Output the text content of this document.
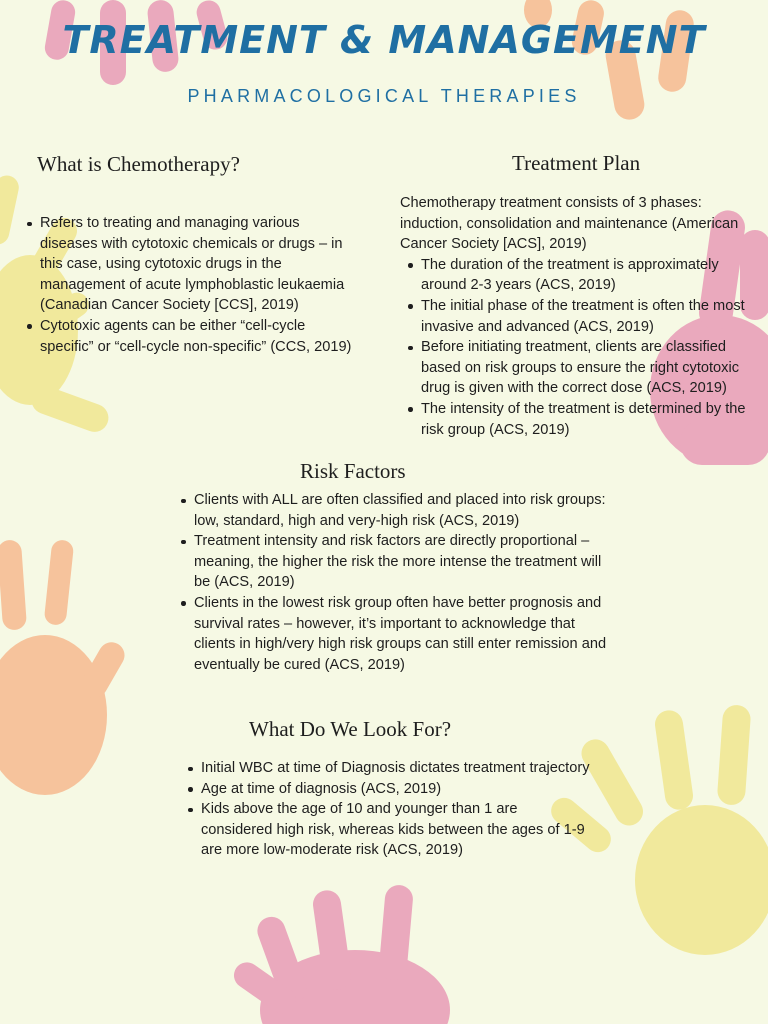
TREATMENT & MANAGEMENT
PHARMACOLOGICAL THERAPIES
What is Chemotherapy?
Refers to treating and managing various diseases with cytotoxic chemicals or drugs – in this case, using cytotoxic drugs in the management of acute lymphoblastic leukaemia (Canadian Cancer Society [CCS], 2019)
Cytotoxic agents can be either “cell-cycle specific” or “cell-cycle non-specific” (CCS, 2019)
Treatment Plan

Chemotherapy treatment consists of 3 phases: induction, consolidation and maintenance (American Cancer Society [ACS], 2019)

The duration of the treatment is approximately around 2-3 years (ACS, 2019)
The initial phase of the treatment is often the most invasive and advanced (ACS, 2019)
Before initiating treatment, clients are classified based on risk groups to ensure the right cytotoxic drug is given with the correct dose (ACS, 2019)
The intensity of the treatment is determined by the risk group (ACS, 2019)
Risk Factors
Clients with ALL are often classified and placed into risk groups: low, standard, high and very-high risk (ACS, 2019)
Treatment intensity and risk factors are directly proportional – meaning, the higher the risk the more intense the treatment will be (ACS, 2019)
Clients in the lowest risk group often have better prognosis and survival rates – however, it’s important to acknowledge that clients in high/very high risk groups can still enter remission and eventually be cured (ACS, 2019)
What Do We Look For?
Initial WBC at time of Diagnosis dictates treatment trajectory
Age at time of diagnosis (ACS, 2019)
Kids above the age of 10 and younger than 1 are considered high risk, whereas kids between the ages of 1-9 are more low-moderate risk (ACS, 2019)
